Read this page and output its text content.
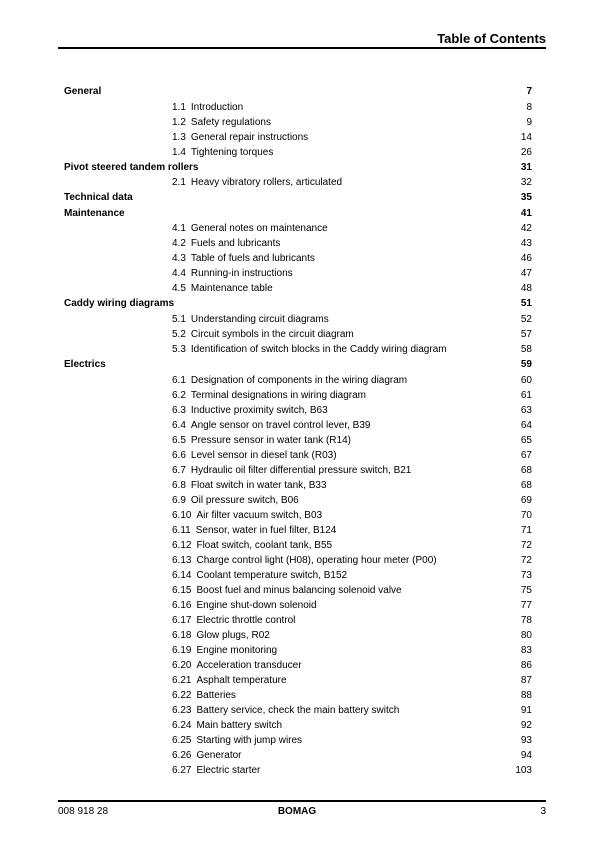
Table of Contents
General	7
1.1 Introduction	8
1.2 Safety regulations	9
1.3 General repair instructions	14
1.4 Tightening torques	26
Pivot steered tandem rollers	31
2.1 Heavy vibratory rollers, articulated	32
Technical data	35
Maintenance	41
4.1 General notes on maintenance	42
4.2 Fuels and lubricants	43
4.3 Table of fuels and lubricants	46
4.4 Running-in instructions	47
4.5 Maintenance table	48
Caddy wiring diagrams	51
5.1 Understanding circuit diagrams	52
5.2 Circuit symbols in the circuit diagram	57
5.3 Identification of switch blocks in the Caddy wiring diagram	58
Electrics	59
6.1 Designation of components in the wiring diagram	60
6.2 Terminal designations in wiring diagram	61
6.3 Inductive proximity switch, B63	63
6.4 Angle sensor on travel control lever, B39	64
6.5 Pressure sensor in water tank (R14)	65
6.6 Level sensor in diesel tank (R03)	67
6.7 Hydraulic oil filter differential pressure switch, B21	68
6.8 Float switch in water tank, B33	68
6.9 Oil pressure switch, B06	69
6.10 Air filter vacuum switch, B03	70
6.11 Sensor, water in fuel filter, B124	71
6.12 Float switch, coolant tank, B55	72
6.13 Charge control light (H08), operating hour meter (P00)	72
6.14 Coolant temperature switch, B152	73
6.15 Boost fuel and minus balancing solenoid valve	75
6.16 Engine shut-down solenoid	77
6.17 Electric throttle control	78
6.18 Glow plugs, R02	80
6.19 Engine monitoring	83
6.20 Acceleration transducer	86
6.21 Asphalt temperature	87
6.22 Batteries	88
6.23 Battery service, check the main battery switch	91
6.24 Main battery switch	92
6.25 Starting with jump wires	93
6.26 Generator	94
6.27 Electric starter	103
008 918 28	BOMAG	3
